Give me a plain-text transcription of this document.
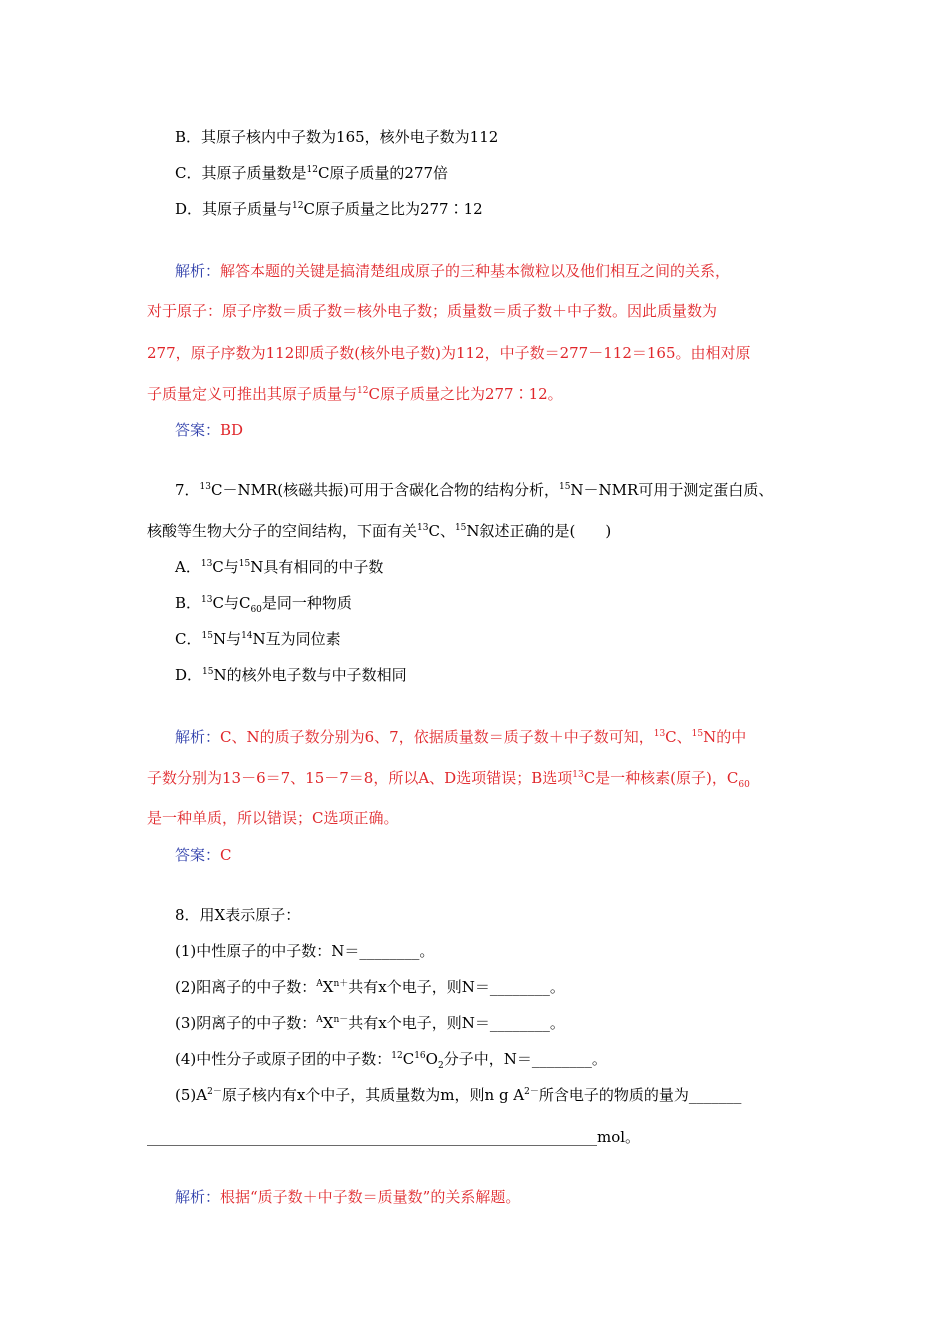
B．其原子核内中子数为165，核外电子数为112
C．其原子质量数是$^{12}$C原子质量的277倍
D．其原子质量与$^{12}$C原子质量之比为277∶12
解析：解答本题的关键是搞清楚组成原子的三种基本微粒以及他们相互之间的关系，
对于原子：原子序数＝质子数＝核外电子数；质量数＝质子数＋中子数。因此质量数为
277，原子序数为112即质子数(核外电子数)为112，中子数＝277－112＝165。由相对原
子质量定义可推出其原子质量与$^{12}$C原子质量之比为277∶12。
答案：BD
7．$^{13}$C－NMR(核磁共振)可用于含碳化合物的结构分析，$^{15}$N－NMR可用于测定蛋白质、
核酸等生物大分子的空间结构，下面有关$^{13}$C、$^{15}$N叙述正确的是(　　)
A．$^{13}$C与$^{15}$N具有相同的中子数
B．$^{13}$C与$C_{60}$是同一种物质
C．$^{15}$N与$^{14}$N互为同位素
D．$^{15}$N的核外电子数与中子数相同
解析：C、N的质子数分别为6、7，依据质量数＝质子数＋中子数可知，$^{13}$C、$^{15}$N的中
子数分别为13－6＝7、15－7＝8，所以A、D选项错误；B选项$^{13}$C是一种核素(原子)，$C_{60}$
是一种单质，所以错误；C选项正确。
答案：C
8．用X表示原子：
(1)中性原子的中子数：N＝________。
(2)阳离子的中子数：$^AX^{n+}$共有x个电子，则N＝________。
(3)阴离子的中子数：$^AX^{n-}$共有x个电子，则N＝________。
(4)中性分子或原子团的中子数：$^{12}C^{16}O_2$分子中，N＝________。
$(5)A^{2-}$原子核内有x个中子，其质量数为m，则n g $A^{2-}$所含电子的物质的量为_______
____________________________________________________________mol。
解析：根据“质子数＋中子数＝质量数”的关系解题。
